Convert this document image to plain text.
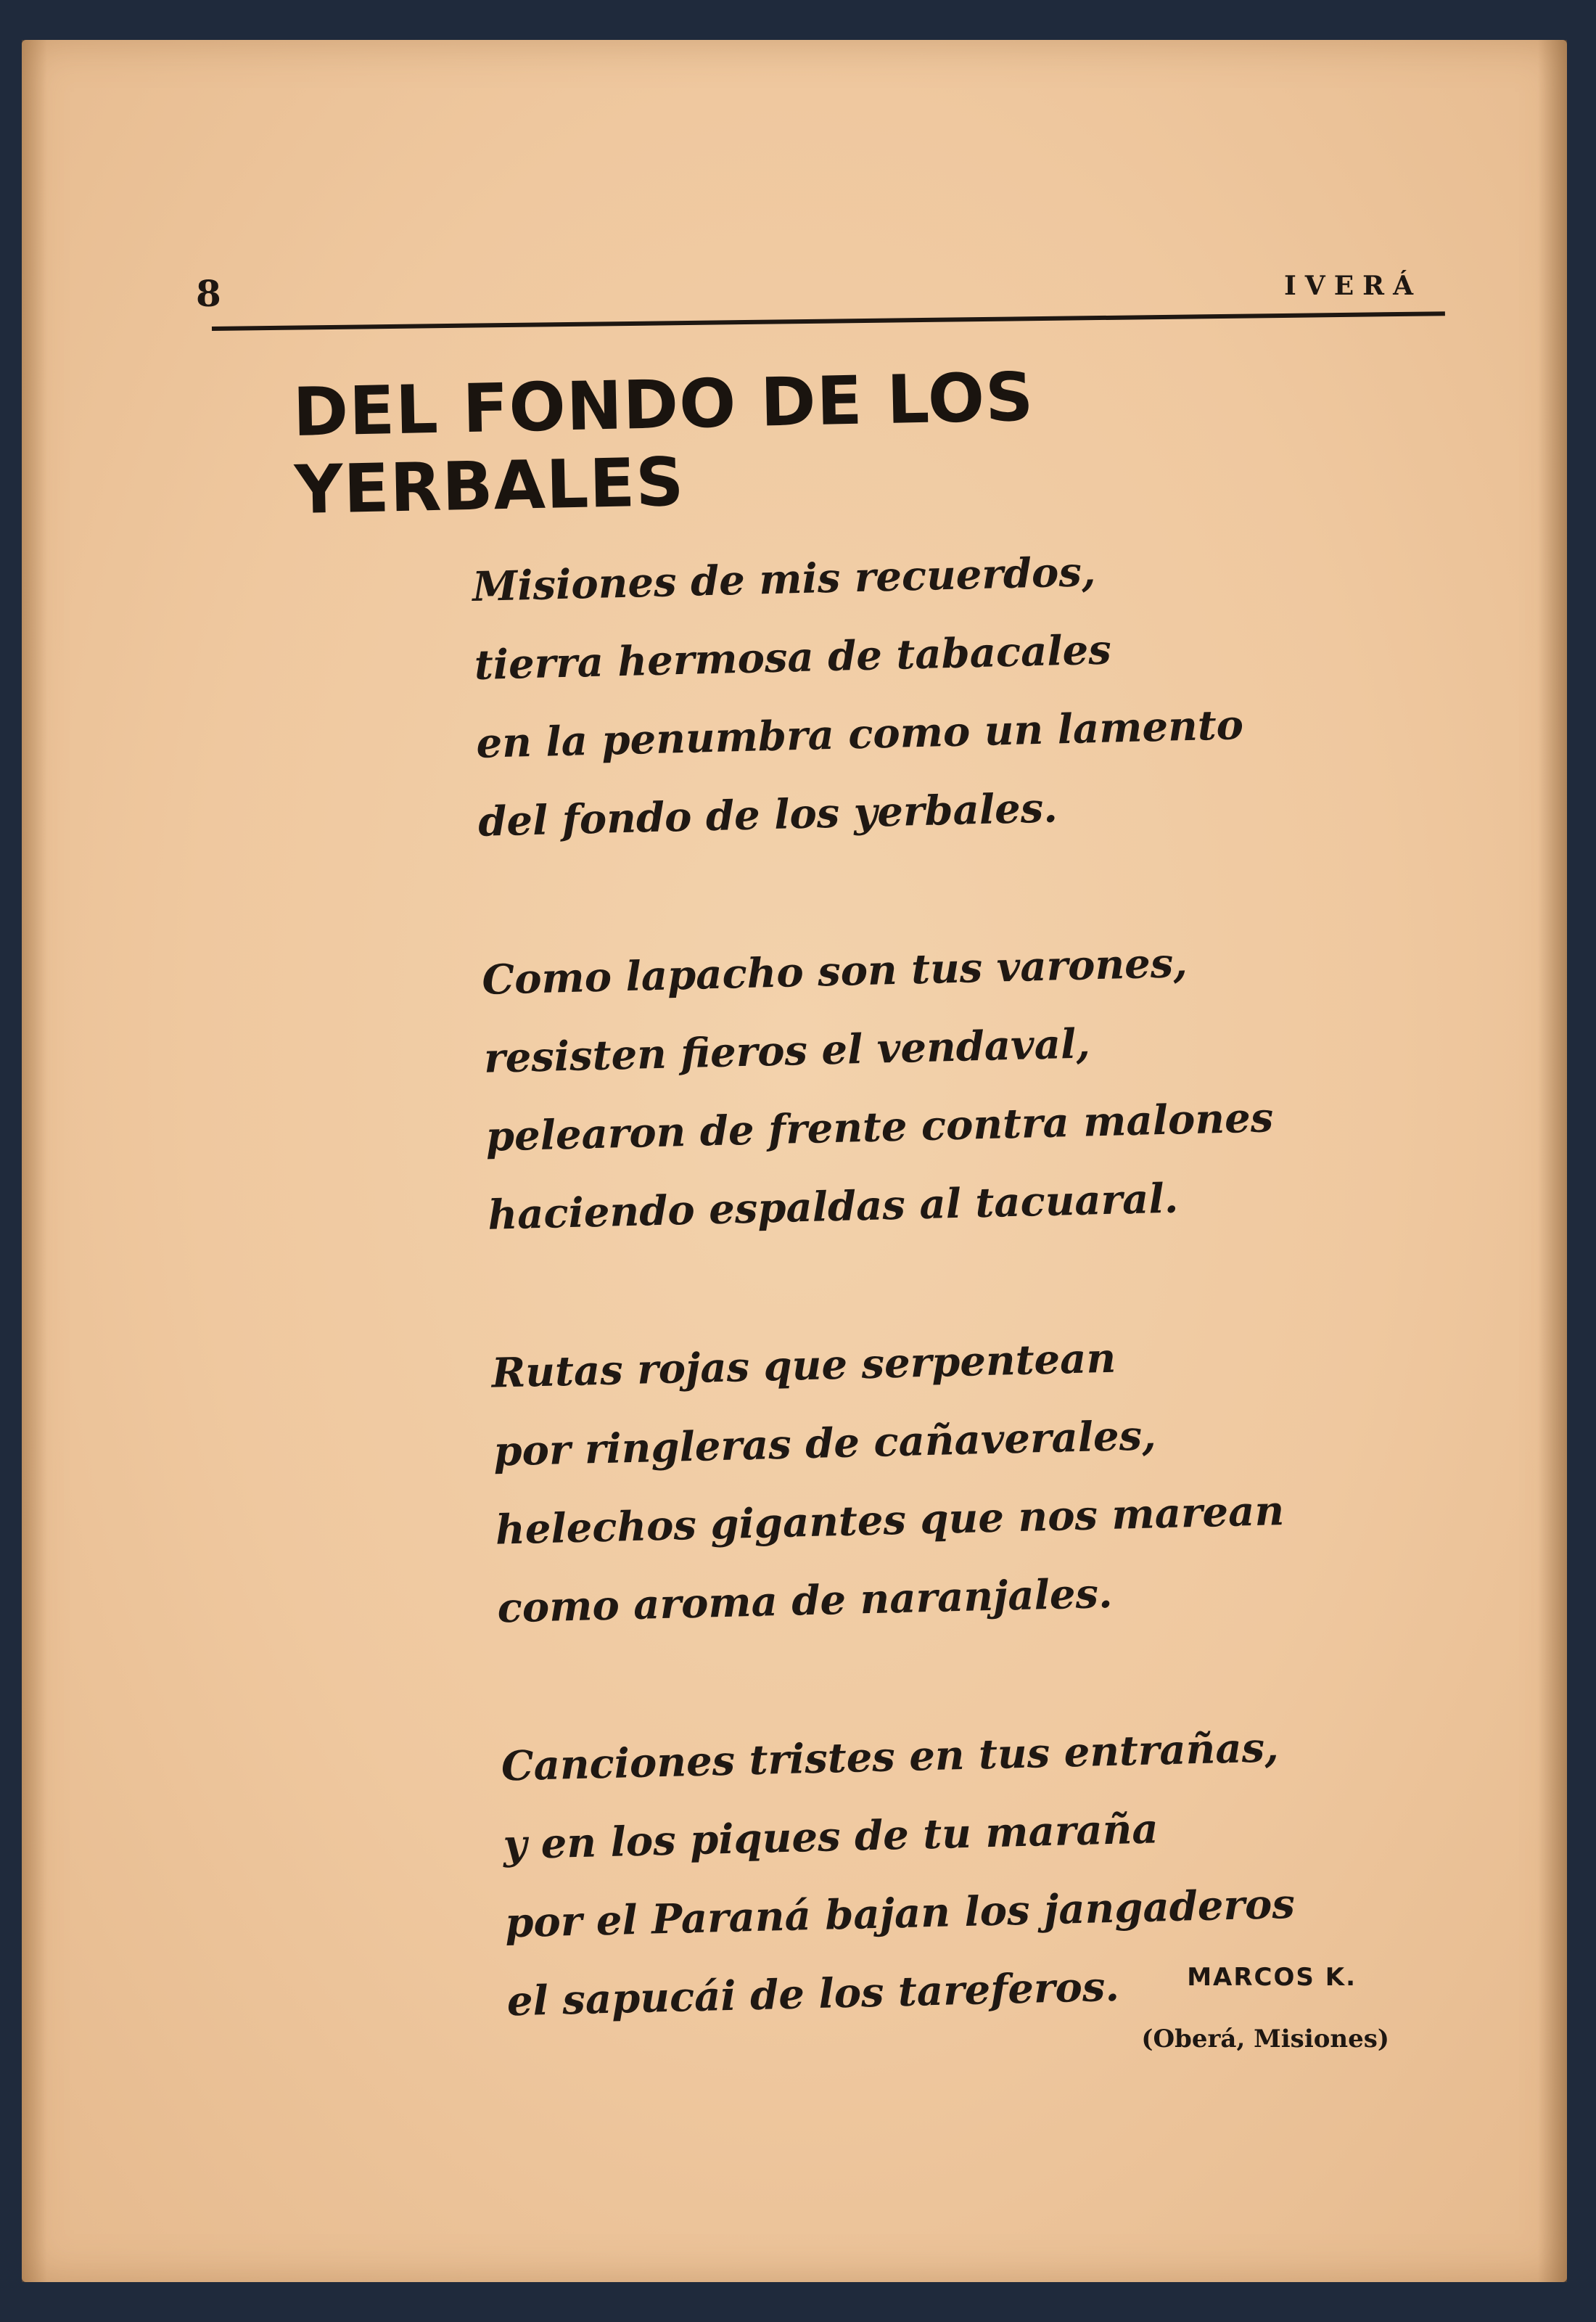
8	IVERÁ
DEL FONDO DE LOS YERBALES
Misiones de mis recuerdos,
tierra hermosa de tabacales
en la penumbra como un lamento
del fondo de los yerbales.
Como lapacho son tus varones,
resisten fieros el vendaval,
pelearon de frente contra malones
haciendo espaldas al tacuaral.
Rutas rojas que serpentean
por ringleras de cañaverales,
helechos gigantes que nos marean
como aroma de naranjales.
Canciones tristes en tus entrañas,
y en los piques de tu maraña
por el Paraná bajan los jangaderos
el sapucái de los tareferos.	MARCOS K.
(Oberá, Misiones)
